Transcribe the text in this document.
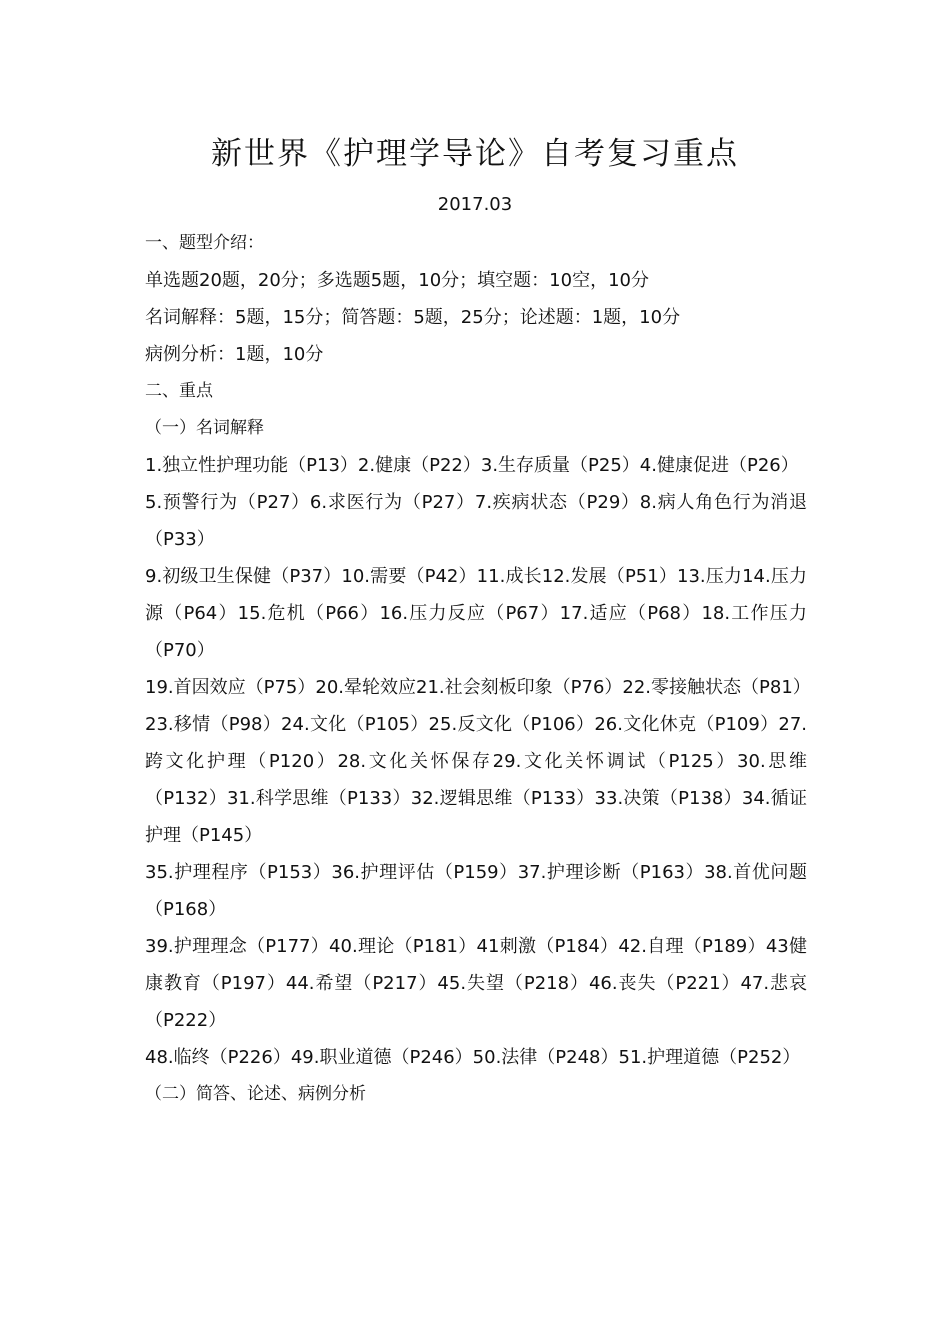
新世界《护理学导论》自考复习重点
2017.03
一、题型介绍：
单选题20题，20分；多选题5题，10分；填空题：10空，10分
名词解释：5题，15分；简答题：5题，25分；论述题：1题，10分
病例分析：1题，10分
二、重点
（一）名词解释
1.独立性护理功能（P13）2.健康（P22）3.生存质量（P25）4.健康促进（P26）
5.预警行为（P27）6.求医行为（P27）7.疾病状态（P29）8.病人角色行为消退（P33）
9.初级卫生保健（P37）10.需要（P42）11.成长12.发展（P51）13.压力14.压力源（P64）15.危机（P66）16.压力反应（P67）17.适应（P68）18.工作压力（P70）
19.首因效应（P75）20.晕轮效应21.社会刻板印象（P76）22.零接触状态（P81）
23.移情（P98）24.文化（P105）25.反文化（P106）26.文化休克（P109）27.跨文化护理（P120）28.文化关怀保存29.文化关怀调试（P125）30.思维（P132）31.科学思维（P133）32.逻辑思维（P133）33.决策（P138）34.循证护理（P145）
35.护理程序（P153）36.护理评估（P159）37.护理诊断（P163）38.首优问题（P168）
39.护理理念（P177）40.理论（P181）41刺激（P184）42.自理（P189）43健康教育（P197）44.希望（P217）45.失望（P218）46.丧失（P221）47.悲哀（P222）
48.临终（P226）49.职业道德（P246）50.法律（P248）51.护理道德（P252）
（二）简答、论述、病例分析
